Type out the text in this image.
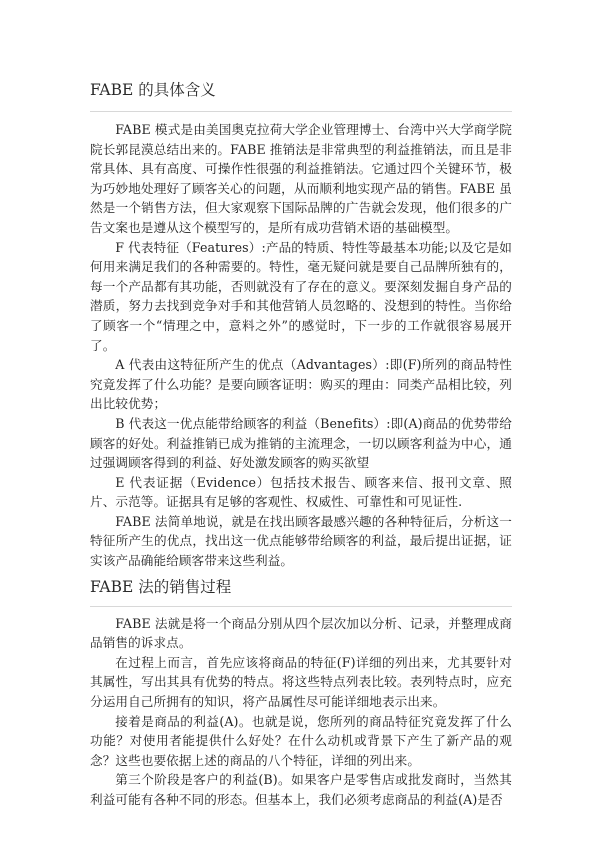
FABE 的具体含义

FABE 模式是由美国奥克拉荷大学企业管理博士、台湾中兴大学商学院院长郭昆漠总结出来的。FABE 推销法是非常典型的利益推销法，而且是非常具体、具有高度、可操作性很强的利益推销法。它通过四个关键环节，极为巧妙地处理好了顾客关心的问题，从而顺利地实现产品的销售。FABE 虽然是一个销售方法，但大家观察下国际品牌的广告就会发现，他们很多的广告文案也是遵从这个模型写的，是所有成功营销术语的基础模型。

F 代表特征（Features）:产品的特质、特性等最基本功能;以及它是如何用来满足我们的各种需要的。特性，毫无疑问就是要自己品牌所独有的，每一个产品都有其功能，否则就没有了存在的意义。要深刻发掘自身产品的潜质，努力去找到竞争对手和其他营销人员忽略的、没想到的特性。当你给了顾客一个“情理之中，意料之外”的感觉时，下一步的工作就很容易展开了。

A 代表由这特征所产生的优点（Advantages）:即(F)所列的商品特性究竟发挥了什么功能？是要向顾客证明：购买的理由：同类产品相比较，列出比较优势；

B 代表这一优点能带给顾客的利益（Benefits）:即(A)商品的优势带给顾客的好处。利益推销已成为推销的主流理念，一切以顾客利益为中心，通过强调顾客得到的利益、好处激发顾客的购买欲望

E 代表证据（Evidence）包括技术报告、顾客来信、报刊文章、照片、示范等。证据具有足够的客观性、权威性、可靠性和可见证性.

FABE 法简单地说，就是在找出顾客最感兴趣的各种特征后，分析这一特征所产生的优点，找出这一优点能够带给顾客的利益，最后提出证据，证实该产品确能给顾客带来这些利益。

FABE 法的销售过程

FABE 法就是将一个商品分别从四个层次加以分析、记录，并整理成商品销售的诉求点。

在过程上而言，首先应该将商品的特征(F)详细的列出来，尤其要针对其属性，写出其具有优势的特点。将这些特点列表比较。表列特点时，应充分运用自己所拥有的知识，将产品属性尽可能详细地表示出来。

接着是商品的利益(A)。也就是说，您所列的商品特征究竟发挥了什么功能？对使用者能提供什么好处？在什么动机或背景下产生了新产品的观念？这些也要依据上述的商品的八个特征，详细的列出来。

第三个阶段是客户的利益(B)。如果客户是零售店或批发商时，当然其利益可能有各种不同的形态。但基本上，我们必须考虑商品的利益(A)是否
